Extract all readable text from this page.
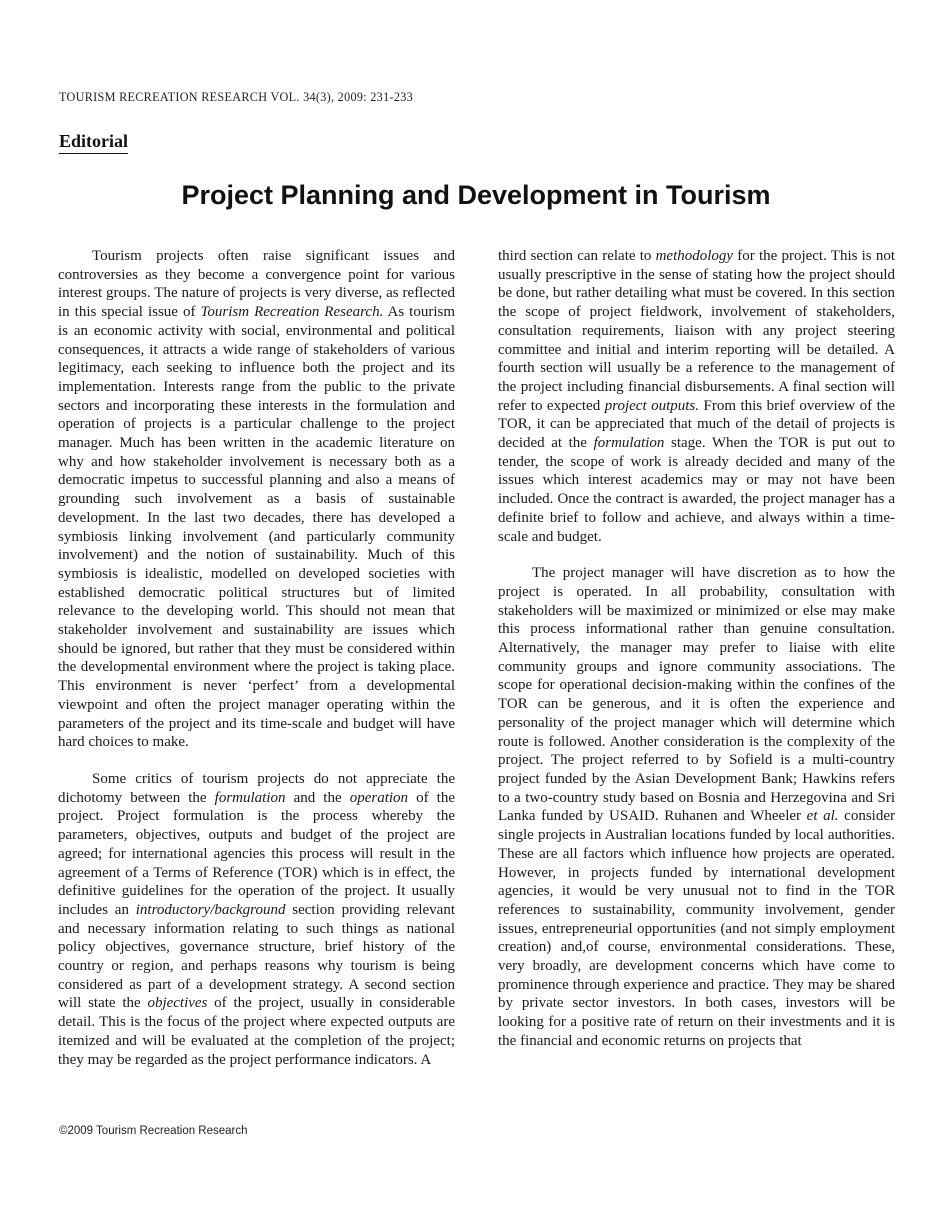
TOURISM RECREATION RESEARCH VOL. 34(3), 2009: 231-233
Editorial
Project Planning and Development in Tourism

Tourism projects often raise significant issues and controversies as they become a convergence point for various interest groups. The nature of projects is very diverse, as reflected in this special issue of Tourism Recreation Research. As tourism is an economic activity with social, environmental and political consequences, it attracts a wide range of stakeholders of various legitimacy, each seeking to influence both the project and its implementation. Interests range from the public to the private sectors and incorporating these interests in the formulation and operation of projects is a particular challenge to the project manager. Much has been written in the academic literature on why and how stakeholder involvement is necessary both as a democratic impetus to successful planning and also a means of grounding such involvement as a basis of sustainable development. In the last two decades, there has developed a symbiosis linking involvement (and particularly community involvement) and the notion of sustainability. Much of this symbiosis is idealistic, modelled on developed societies with established democratic political structures but of limited relevance to the developing world. This should not mean that stakeholder involvement and sustainability are issues which should be ignored, but rather that they must be considered within the developmental environment where the project is taking place. This environment is never ‘perfect’ from a developmental viewpoint and often the project manager operating within the parameters of the project and its time-scale and budget will have hard choices to make.

Some critics of tourism projects do not appreciate the dichotomy between the formulation and the operation of the project. Project formulation is the process whereby the parameters, objectives, outputs and budget of the project are agreed; for international agencies this process will result in the agreement of a Terms of Reference (TOR) which is in effect, the definitive guidelines for the operation of the project. It usually includes an introductory/background section providing relevant and necessary information relating to such things as national policy objectives, governance structure, brief history of the country or region, and perhaps reasons why tourism is being considered as part of a development strategy. A second section will state the objectives of the project, usually in considerable detail. This is the focus of the project where expected outputs are itemized and will be evaluated at the completion of the project; they may be regarded as the project performance indicators. A

third section can relate to methodology for the project. This is not usually prescriptive in the sense of stating how the project should be done, but rather detailing what must be covered. In this section the scope of project fieldwork, involvement of stakeholders, consultation requirements, liaison with any project steering committee and initial and interim reporting will be detailed. A fourth section will usually be a reference to the management of the project including financial disbursements. A final section will refer to expected project outputs. From this brief overview of the TOR, it can be appreciated that much of the detail of projects is decided at the formulation stage. When the TOR is put out to tender, the scope of work is already decided and many of the issues which interest academics may or may not have been included. Once the contract is awarded, the project manager has a definite brief to follow and achieve, and always within a time-scale and budget.

The project manager will have discretion as to how the project is operated. In all probability, consultation with stakeholders will be maximized or minimized or else may make this process informational rather than genuine consultation. Alternatively, the manager may prefer to liaise with elite community groups and ignore community associations. The scope for operational decision-making within the confines of the TOR can be generous, and it is often the experience and personality of the project manager which will determine which route is followed. Another consideration is the complexity of the project. The project referred to by Sofield is a multi-country project funded by the Asian Development Bank; Hawkins refers to a two-country study based on Bosnia and Herzegovina and Sri Lanka funded by USAID. Ruhanen and Wheeler et al. consider single projects in Australian locations funded by local authorities. These are all factors which influence how projects are operated. However, in projects funded by international development agencies, it would be very unusual not to find in the TOR references to sustainability, community involvement, gender issues, entrepreneurial opportunities (and not simply employment creation) and,of course, environmental considerations. These, very broadly, are development concerns which have come to prominence through experience and practice. They may be shared by private sector investors. In both cases, investors will be looking for a positive rate of return on their investments and it is the financial and economic returns on projects that

©2009 Tourism Recreation Research
